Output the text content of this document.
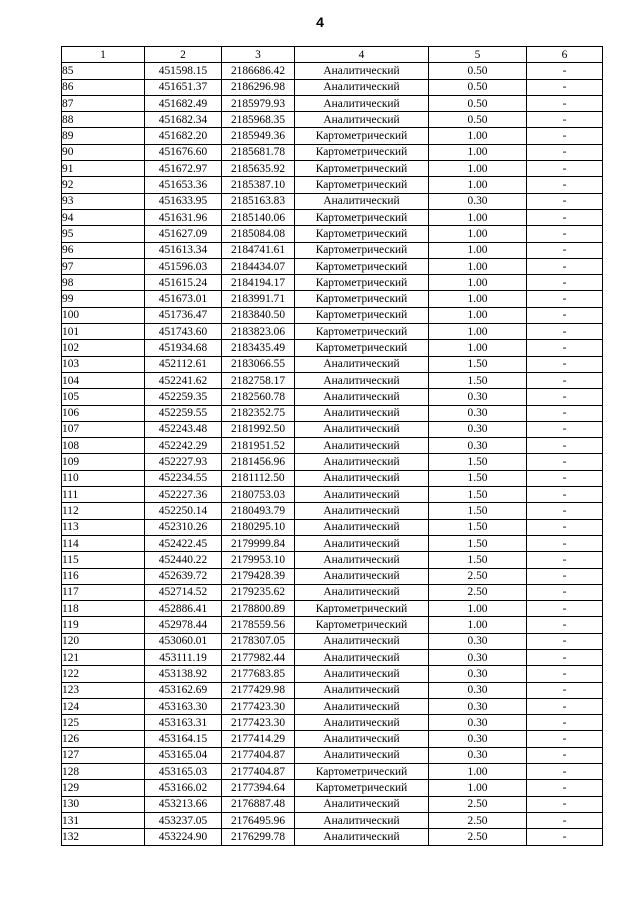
4
1	2	3	4	5	6
85	451598.15	2186686.42	Аналитический	0.50	-
86	451651.37	2186296.98	Аналитический	0.50	-
87	451682.49	2185979.93	Аналитический	0.50	-
88	451682.34	2185968.35	Аналитический	0.50	-
89	451682.20	2185949.36	Картометрический	1.00	-
90	451676.60	2185681.78	Картометрический	1.00	-
91	451672.97	2185635.92	Картометрический	1.00	-
92	451653.36	2185387.10	Картометрический	1.00	-
93	451633.95	2185163.83	Аналитический	0.30	-
94	451631.96	2185140.06	Картометрический	1.00	-
95	451627.09	2185084.08	Картометрический	1.00	-
96	451613.34	2184741.61	Картометрический	1.00	-
97	451596.03	2184434.07	Картометрический	1.00	-
98	451615.24	2184194.17	Картометрический	1.00	-
99	451673.01	2183991.71	Картометрический	1.00	-
100	451736.47	2183840.50	Картометрический	1.00	-
101	451743.60	2183823.06	Картометрический	1.00	-
102	451934.68	2183435.49	Картометрический	1.00	-
103	452112.61	2183066.55	Аналитический	1.50	-
104	452241.62	2182758.17	Аналитический	1.50	-
105	452259.35	2182560.78	Аналитический	0.30	-
106	452259.55	2182352.75	Аналитический	0.30	-
107	452243.48	2181992.50	Аналитический	0.30	-
108	452242.29	2181951.52	Аналитический	0.30	-
109	452227.93	2181456.96	Аналитический	1.50	-
110	452234.55	2181112.50	Аналитический	1.50	-
111	452227.36	2180753.03	Аналитический	1.50	-
112	452250.14	2180493.79	Аналитический	1.50	-
113	452310.26	2180295.10	Аналитический	1.50	-
114	452422.45	2179999.84	Аналитический	1.50	-
115	452440.22	2179953.10	Аналитический	1.50	-
116	452639.72	2179428.39	Аналитический	2.50	-
117	452714.52	2179235.62	Аналитический	2.50	-
118	452886.41	2178800.89	Картометрический	1.00	-
119	452978.44	2178559.56	Картометрический	1.00	-
120	453060.01	2178307.05	Аналитический	0.30	-
121	453111.19	2177982.44	Аналитический	0.30	-
122	453138.92	2177683.85	Аналитический	0.30	-
123	453162.69	2177429.98	Аналитический	0.30	-
124	453163.30	2177423.30	Аналитический	0.30	-
125	453163.31	2177423.30	Аналитический	0.30	-
126	453164.15	2177414.29	Аналитический	0.30	-
127	453165.04	2177404.87	Аналитический	0.30	-
128	453165.03	2177404.87	Картометрический	1.00	-
129	453166.02	2177394.64	Картометрический	1.00	-
130	453213.66	2176887.48	Аналитический	2.50	-
131	453237.05	2176495.96	Аналитический	2.50	-
132	453224.90	2176299.78	Аналитический	2.50	-
